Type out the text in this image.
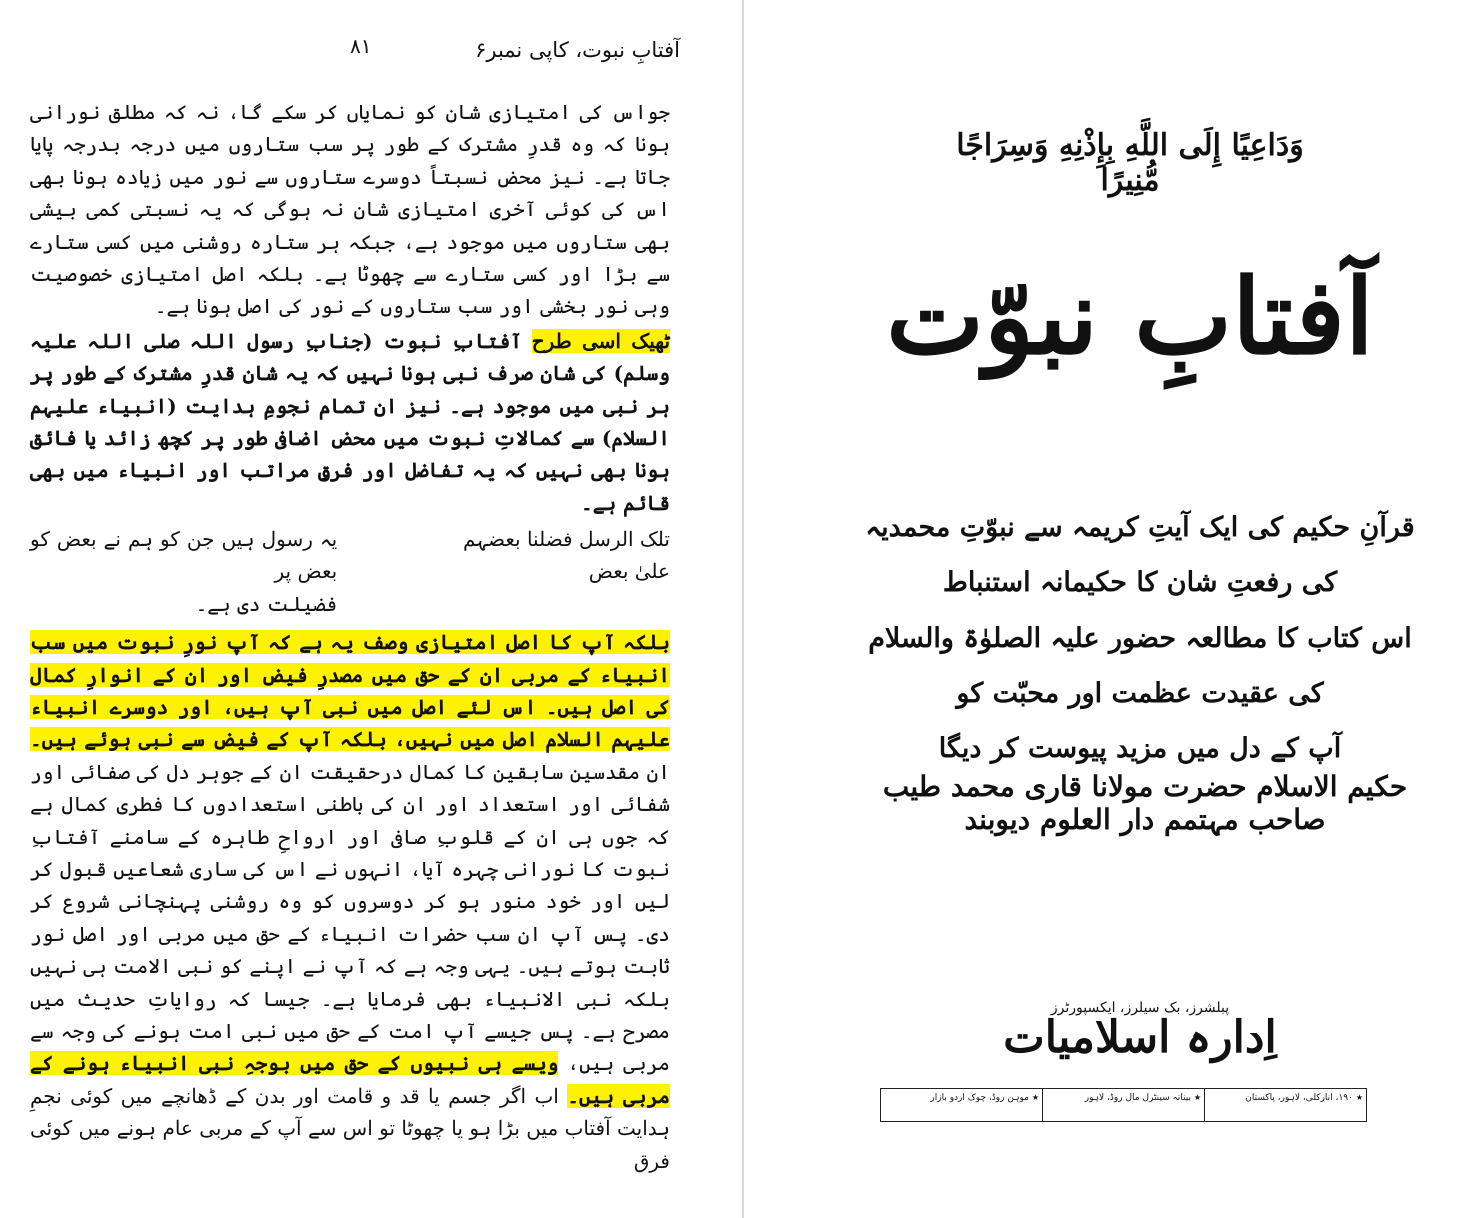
۸۱	آفتابِ نبوت، کاپی نمبر۶

جواس کی امتیازی شان کو نمایاں کر سکے گا، نہ کہ مطلق نورانی ہونا کہ وہ قدرِ مشترک کے طور پر سب ستاروں میں درجہ بدرجہ پایا جاتا ہے۔ نیز محض نسبتاً دوسرے ستاروں سے نور میں زیادہ ہونا بھی اس کی کوئی آخری امتیازی شان نہ ہوگی کہ یہ نسبتی کمی بیشی بھی ستاروں میں موجود ہے، جبکہ ہر ستارہ روشنی میں کسی ستارے سے بڑا اور کسی ستارے سے چھوٹا ہے۔ بلکہ اصل امتیازی خصوصیت وہی نور بخشی اور سب ستاروں کے نور کی اصل ہونا ہے۔

ٹھیک اسی طرح آفتابِ نبوت (جنابِ رسول اللہ صلی اللہ علیہ وسلم) کی شان صرف نبی ہونا نہیں کہ یہ شان قدرِ مشترک کے طور پر ہر نبی میں موجود ہے۔ نیز ان تمام نجومِ ہدایت (انبیاء علیہم السلام) سے کمالاتِ نبوت میں محض اضافی طور پر کچھ زائد یا فائق ہونا بھی نہیں کہ یہ تفاضل اور فرقِ مراتب اور انبیاء میں بھی قائم ہے۔

تلک الرسل فضلنا بعضہم
علیٰ بعض
یہ رسول ہیں جن کو ہم نے بعض کو بعض پر
فضیلت دی ہے۔

بلکہ آپ کا اصل امتیازی وصف یہ ہے کہ آپ نورِ نبوت میں سب انبیاء کے مربی ان کے حق میں مصدرِ فیض اور ان کے انوارِ کمال کی اصل ہیں۔ اس لئے اصل میں نبی آپ ہیں، اور دوسرے انبیاء علیہم السلام اصل میں نہیں، بلکہ آپ کے فیض سے نبی ہوئے ہیں۔ ان مقدسین سابقین کا کمال درحقیقت ان کے جوہر دل کی صفائی اور شفائی اور استعداد اور ان کی باطنی استعدادوں کا فطری کمال ہے کہ جوں ہی ان کے قلوبِ صافی اور ارواحِ طاہرہ کے سامنے آفتابِ نبوت کا نورانی چہرہ آیا، انہوں نے اس کی ساری شعاعیں قبول کر لیں اور خود منور ہو کر دوسروں کو وہ روشنی پہنچانی شروع کر دی۔ پس آپ ان سب حضرات انبیاء کے حق میں مربی اور اصل نور ثابت ہوتے ہیں۔ یہی وجہ ہے کہ آپ نے اپنے کو نبی الامت ہی نہیں بلکہ نبی الانبیاء بھی فرمایا ہے۔ جیسا کہ روایاتِ حدیث میں مصرح ہے۔ پس جیسے آپ امت کے حق میں نبی امت ہونے کی وجہ سے مربی ہیں، ویسے ہی نبیوں کے حق میں بوجہِ نبی انبیاء ہونے کے مربی ہیں۔ اب اگر جسم یا قد و قامت اور بدن کے ڈھانچے میں کوئی نجمِ ہدایت آفتاب میں بڑا ہو یا چھوٹا تو اس سے آپ کے مربی عام ہونے میں کوئی فرق

وَدَاعِيًا إِلَى اللَّهِ بِإِذْنِهِ وَسِرَاجًا مُّنِيرًا
آفتابِ نبوّت
قرآنِ حکیم کی ایک آیتِ کریمہ سے نبوّتِ محمدیہ کی رفعتِ شان کا حکیمانہ استنباط
اس کتاب کا مطالعہ حضور علیہ الصلوٰۃ والسلام کی عقیدت عظمت اور محبّت کو
آپ کے دل میں مزید پیوست کر دیگا
حکیم الاسلام حضرت مولانا قاری محمد طیب صاحب مہتمم دار العلوم دیوبند
پبلشرز، بک سیلرز، ایکسپورٹرز
اِدارہ اسلامیات
★ ۱۹۰، انارکلی، لاہور، پاکستان
★ بیناتہ سینٹرل مال روڈ، لاہور
★ موہن روڈ، چوک اردو بازار
